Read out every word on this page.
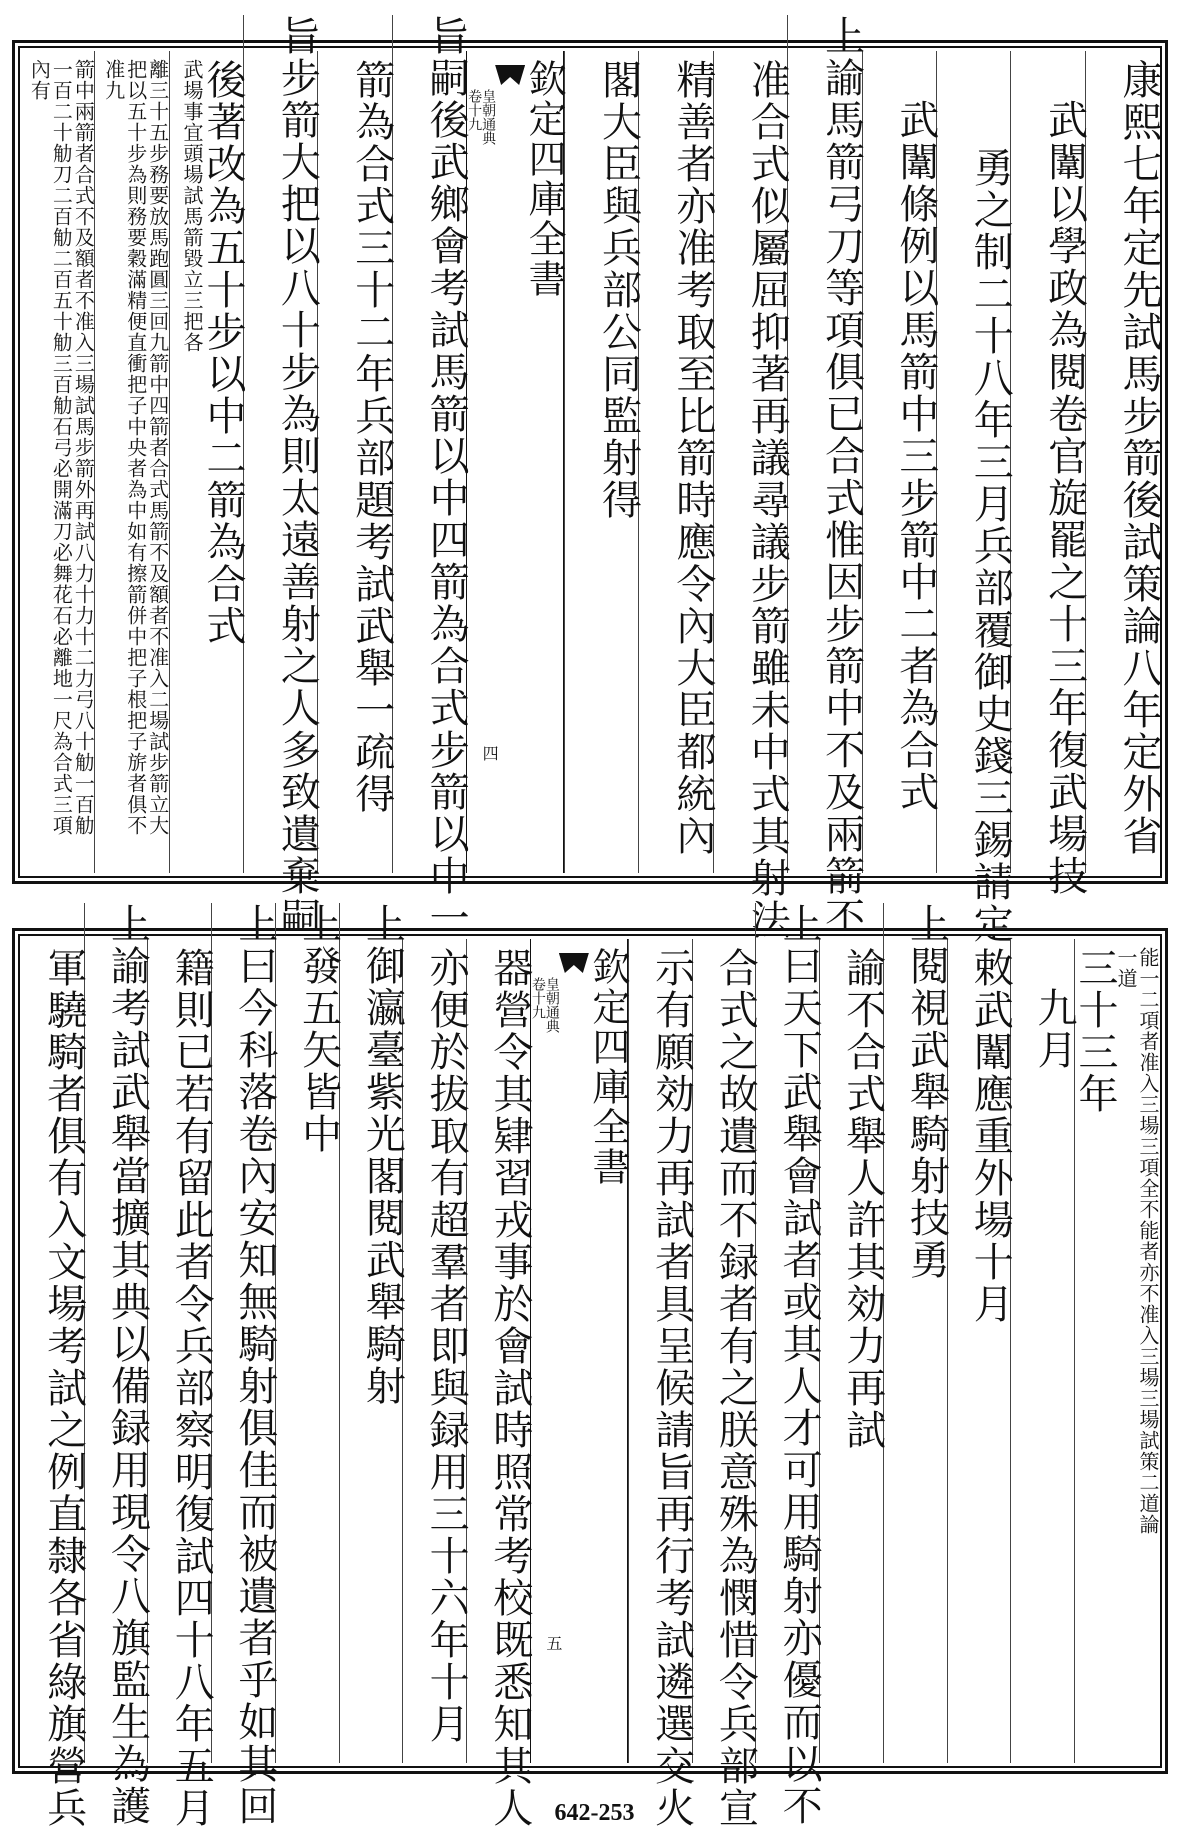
康熙七年定先試馬步箭後試策論八年定外省
武闈以學政為閱卷官旋罷之十三年復武場技
勇之制二十八年三月兵部覆御史錢三錫請定
武闈條例以馬箭中三步箭中二者為合式
上諭馬箭弓刀等項俱已合式惟因步箭中不及兩箭不
准合式似屬屈抑著再議尋議步箭雖未中式其射法
精善者亦准考取至比箭時應令內大臣都統內
閣大臣與兵部公同監射得
欽定四庫全書
皇朝通典
卷十九
四
旨嗣後武鄉會考試馬箭以中四箭為合式步箭以中一
箭為合式三十二年兵部題考試武舉一疏得
旨步箭大把以八十步為則太遠善射之人多致遺棄嗣
後著改為五十步以中二箭為合式
武場事宜頭場試馬箭毀立三把各
離三十五步務要放馬跑圓三回九箭中四箭者合式馬箭不及額者不准入二場試步箭立大把以五十步為則務要穀滿精便直衝把子中央者為中如有擦箭併中把子根把子旂者俱不准九
箭中兩箭者合式不及額者不准入三場試馬步箭外再試八力十力十二力弓八十觔一百觔一百二十觔刀二百觔二百五十觔三百觔石弓必開滿刀必舞花石必離地一尺為合式三項內有
能一二項者准入三場三項全不能者亦不准入三場三場試策二道論一道
三十三年
九月
敕武闈應重外場十月
上閱視武舉騎射技勇
諭不合式舉人許其効力再試
上曰天下武舉會試者或其人才可用騎射亦優而以不
合式之故遺而不録者有之朕意殊為憫惜令兵部宣
示有願効力再試者具呈候請旨再行考試遴選交火
欽定四庫全書
皇朝通典
卷十九
五
器營令其肄習戎事於會試時照常考校既悉知其人
亦便於拔取有超羣者即與録用三十六年十月
上御瀛臺紫光閣閱武舉騎射
上發五矢皆中
上曰今科落卷內安知無騎射俱佳而被遺者乎如其回
籍則已若有留此者令兵部察明復試四十八年五月
上諭考試武舉當擴其典以備録用現令八旗監生為護
軍驍騎者俱有入文場考試之例直隸各省綠旗營兵	642-253
